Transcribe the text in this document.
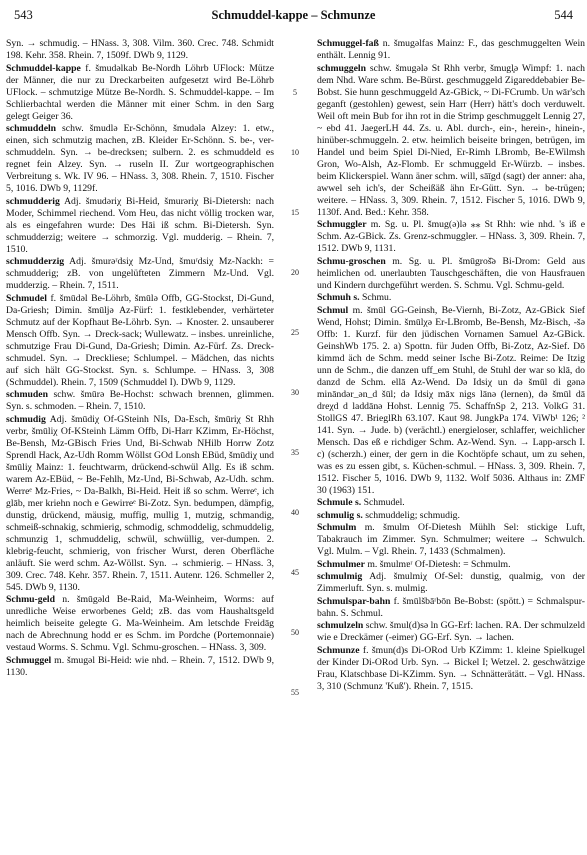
543	Schmuddel-kappe – Schmunze	544

Syn. → schmudig. – HNass. 3, 308. Vilm. 360. Crec. 748. Schmidt 198. Kehr. 358. Rhein. 7, 1509f. DWb 9, 1129.

Schmuddel-kappe f. šmudəlkab Be-Nordh Löhrb UFlock: Mütze der Männer, die nur zu Dreckarbeiten aufgesetzt wird Be-Löhrb UFlock. – schmutzige Mütze Be-Nordh. S. Schmuddel-kappe. – Im Schlierbachtal werden die Männer mit einer Schm. in den Sarg gelegt Geiger 36.

schmuddeln schw. šmudlə Er-Schönn, šmudələ Alzey: 1. etw., einen, sich schmutzig machen, zB. Kleider Er-Schönn. S. be-, ver-schmuddeln. Syn. → be-drecksen; sulbern. 2. es schmuddeld es regnet fein Alzey. Syn. → ruseln II. Zur wortgeographischen Verbreitung s. Wk. IV 96. – HNass. 3, 308. Rhein. 7, 1510. Fischer 5, 1016. DWb 9, 1129f.

schmudderig Adj. šmudəriχ Bi-Heid, šmurəriχ Bi-Dietersh: nach Moder, Schimmel riechend. Vom Heu, das nicht völlig trocken war, als es eingefahren wurde: Des Hāi iß schm. Bi-Dietersh. Syn. schmudderzig; weitere → schmorzig. Vgl. mudderig. – Rhein. 7, 1510.

schmudderzig Adj. šmurəʳdsiχ Mz-Und, šmuʳdsiχ Mz-Nackh: = schmudderig; zB. von ungelüfteten Zimmern Mz-Und. Vgl. mudderzig. – Rhein. 7, 1511.

Schmudel f. šmūdəl Be-Löhrb, šmūlə Offb, GG-Stockst, Di-Gund, Da-Griesh; Dimin. šmūljə Az-Fürf: 1. festklebender, verhärteter Schmutz auf der Kopfhaut Be-Löhrb. Syn. → Knoster. 2. unsauberer Mensch Offb. Syn. → Dreck-sack; Wullewatz. – insbes. unreinliche, schmutzige Frau Di-Gund, Da-Griesh; Dimin. Az-Fürf. Zs. Dreck-schmudel. Syn. → Dreckliese; Schlumpel. – Mädchen, das nichts auf sich hält GG-Stockst. Syn. s. Schlumpe. – HNass. 3, 308 (Schmuddel). Rhein. 7, 1509 (Schmuddel I). DWb 9, 1129.

schmuden schw. šmūrə Be-Hochst: schwach brennen, glimmen. Syn. s. schmoden. – Rhein. 7, 1510.

schmudig Adj. šmūdiχ Of-GSteinh NIs, Da-Esch, šmūriχ St Rhh verbr, šmūliχ Of-KSteinh Lämm Offb, Di-Harr KZimm, Er-Höchst, Be-Bensh, Mz-GBisch Fries Und, Bi-Schwab NHilb Horrw Zotz Sprendl Hack, Az-Udh Romm Wöllst GOd Lonsh EBüd, šmūdiχ und šmūliχ Mainz: 1. feuchtwarm, drückend-schwül Allg. Es iß schm. warem Az-EBüd, ~ Be-Fehlh, Mz-Und, Bi-Schwab, Az-Udh. schm. Werreᵉ Mz-Fries, ~ Da-Balkh, Bi-Heid. Heit iß so schm. Werreᵉ, ich glāb, mer kriehn noch e Gewirreᵉ Bi-Zotz. Syn. bedumpen, dämpfig, dunstig, drückend, mäusig, muffig, mullig 1, mutzig, schmandig, schmeiß-schnakig, schmierig, schmodig, schmoddelig, schmuddelig, schmunzig 1, schmuddelig, schwül, schwüllig, ver-dumpen. 2. klebrig-feucht, schmierig, von frischer Wurst, deren Oberfläche anläuft. Sie werd schm. Az-Wöllst. Syn. → schmierig. – HNass. 3, 309. Crec. 748. Kehr. 357. Rhein. 7, 1511. Autenr. 126. Schmeller 2, 545. DWb 9, 1130.

Schmu-geld n. šmūgəld Be-Raid, Ma-Weinheim, Worms: auf unredliche Weise erworbenes Geld; zB. das vom Haushaltsgeld heimlich beiseite gelegte G. Ma-Weinheim. Am letschde Freidāg nach de Abrechnung hodd er es Schm. im Pordche (Portemonnaie) vestaud Worms. S. Schmu. Vgl. Schmu-groschen. – HNass. 3, 309.

Schmuggel m. šmugəl Bi-Heid: wie nhd. – Rhein. 7, 1512. DWb 9, 1130.

5
10
15
20
25
30
35
40
45
50
55

Schmuggel-faß n. šmugəlfas Mainz: F., das geschmuggelten Wein enthält. Lennig 91.

schmuggeln schw. šmugələ St Rhh verbr, šmugl̥ə Wimpf: 1. nach dem Nhd. Ware schm. Be-Bürst. geschmuggeld Zigareddebabier Be-Bobst. Sie hunn geschmuggeld Az-GBick, ~ Di-FCrumb. Un wār'sch geganft (gestohlen) gewest, sein Harr (Herr) hätt's doch verduwelt. Weil oft mein Bub for ihn rot in die Strimp geschmuggelt Lennig 27, ~ ebd 41. JaegerLH 44. Zs. u. Abl. durch-, ein-, herein-, hinein-, hinüber-schmuggeln. 2. etw. heimlich beiseite bringen, betrügen, im Handel und beim Spiel Di-Nied, Er-Rimh LBromb, Be-EWilmsh Gron, Wo-Alsh, Az-Flomb. Er schmuggeld Er-Würzb. – insbes. beim Klickerspiel. Wann äner schm. will, sāīgd (sagt) der anner: aha, awwel seh ich's, der Scheißäß ähn Er-Gütt. Syn. → be-trügen; weitere. – HNass. 3, 309. Rhein. 7, 1512. Fischer 5, 1016. DWb 9, 1130f. And. Bed.: Kehr. 358.

Schmuggler m. Sg. u. Pl. šmug(ə)lə ⁎⁎ St Rhh: wie nhd. 's iß e Schm. Az-GBick. Zs. Grenz-schmuggler. – HNass. 3, 309. Rhein. 7, 1512. DWb 9, 1131.

Schmu-groschen m. Sg. u. Pl. šmūgroš̄ə Bi-Drom: Geld aus heimlichen od. unerlaubten Tauschgeschäften, die von Hausfrauen und Kindern durchgeführt werden. S. Schmu. Vgl. Schmu-geld.

Schmuh s. Schmu.

Schmul m. šmūl GG-Geinsh, Be-Viernh, Bi-Zotz, Az-GBick Sief Wend, Hohst; Dimin. šmūlχə Er-LBromb, Be-Bensh, Mz-Bisch, -šə Offb: 1. Kurzf. für den jüdischen Vornamen Samuel Az-GBick. GeinshWb 175. 2. a) Spottn. für Juden Offb, Bi-Zotz, Az-Sief. Dō kimmd äch de Schm. medd seiner Ische Bi-Zotz. Reime: De Itzig unn de Schm., die danzen uff_em Stuhl, de Stuhl der war so klā, do danzd de Schm. ellā Az-Wend. Də Idsiχ un də šmūl di gənə mināndər_ən_d šūl; də Idsiχ māx nigs lānə (lernen), də šmūl dā dreχd d laddānə Hohst. Lennig 75. SchaffnSp 2, 213. VolkG 31. StollGS 47. BrieglRh 63.107. Kaut 98. JungkPa 174. ViWb¹ 126; ² 141. Syn. → Jude. b) (verächtl.) energieloser, schlaffer, weichlicher Mensch. Das eß e richdiger Schm. Az-Wend. Syn. → Lapp-arsch I. c) (scherzh.) einer, der gern in die Kochtöpfe schaut, um zu sehen, was es zu essen gibt, s. Küchen-schmul. – HNass. 3, 309. Rhein. 7, 1512. Fischer 5, 1016. DWb 9, 1132. Wolf 5036. Althaus in: ZMF 30 (1963) 151.

Schmule s. Schmudel.

schmulig s. schmuddelig; schmudig.

Schmulm m. šmulm Of-Dietesh Mühlh Sel: stickige Luft, Tabakrauch im Zimmer. Syn. Schmulmer; weitere → Schwulch. Vgl. Mulm. – Vgl. Rhein. 7, 1433 (Schmalmen).

Schmulmer m. šmulmɐʳ Of-Dietesh: = Schmulm.

schmulmig Adj. šmulmiχ Of-Sel: dunstig, qualmig, von der Zimmerluft. Syn. s. mulmig.

Schmulspar-bahn f. šmūlšbāʳbōn Be-Bobst: (spött.) = Schmalspur-bahn. S. Schmul.

schmulzeln schw. šmul(d)sə ln GG-Erf: lachen. RA. Der schmulzeld wie e Dreckämer (-eimer) GG-Erf. Syn. → lachen.

Schmunze f. šmun(d)s Di-ORod Urb KZimm: 1. kleine Spielkugel der Kinder Di-ORod Urb. Syn. → Bickel I; Wetzel. 2. geschwätzige Frau, Klatschbase Di-KZimm. Syn. → Schnätterätätt. – Vgl. HNass. 3, 310 (Schmunz 'Kuß'). Rhein. 7, 1515.
